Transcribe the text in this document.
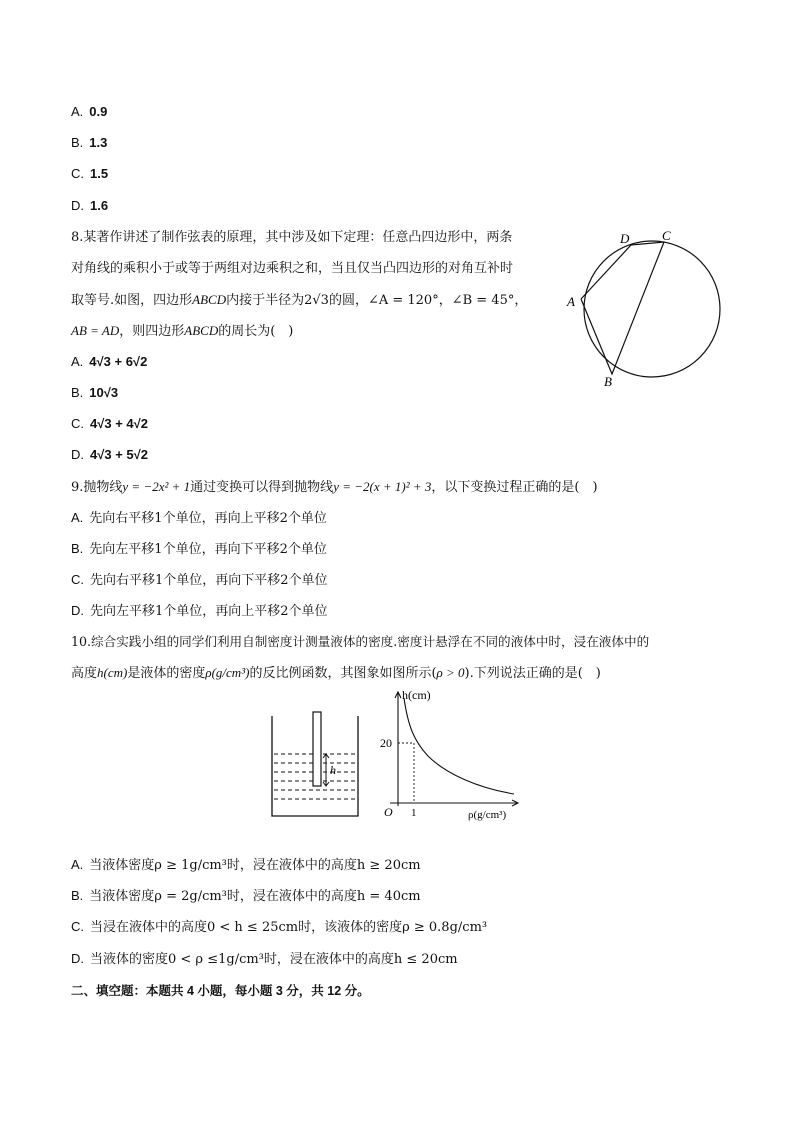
A. 0.9
B. 1.3
C. 1.5
D. 1.6
8.某著作讲述了制作弦表的原理，其中涉及如下定理：任意凸四边形中，两条
对角线的乘积小于或等于两组对边乘积之和，当且仅当凸四边形的对角互补时
取等号.如图，四边形ABCD内接于半径为2√3的圆，∠A = 120°，∠B = 45°，
AB = AD，则四边形ABCD的周长为(　)
A. 4√3 + 6√2
B. 10√3
C. 4√3 + 4√2
D. 4√3 + 5√2
A
B
C
D
9.抛物线y = −2x² + 1通过变换可以得到抛物线y = −2(x + 1)² + 3，以下变换过程正确的是(　)
A. 先向右平移1个单位，再向上平移2个单位
B. 先向左平移1个单位，再向下平移2个单位
C. 先向右平移1个单位，再向下平移2个单位
D. 先向左平移1个单位，再向上平移2个单位
10.综合实践小组的同学们利用自制密度计测量液体的密度.密度计悬浮在不同的液体中时，浸在液体中的
高度h(cm)是液体的密度ρ(g/cm³)的反比例函数，其图象如图所示(ρ > 0).下列说法正确的是(　)
h
h(cm)
ρ(g/cm³)
O
20
1
A. 当液体密度ρ ≥ 1g/cm³时，浸在液体中的高度h ≥ 20cm
B. 当液体密度ρ = 2g/cm³时，浸在液体中的高度h = 40cm
C. 当浸在液体中的高度0 < h ≤ 25cm时，该液体的密度ρ ≥ 0.8g/cm³
D. 当液体的密度0 < ρ ≤1g/cm³时，浸在液体中的高度h ≤ 20cm
二、填空题：本题共 4 小题，每小题 3 分，共 12 分。
